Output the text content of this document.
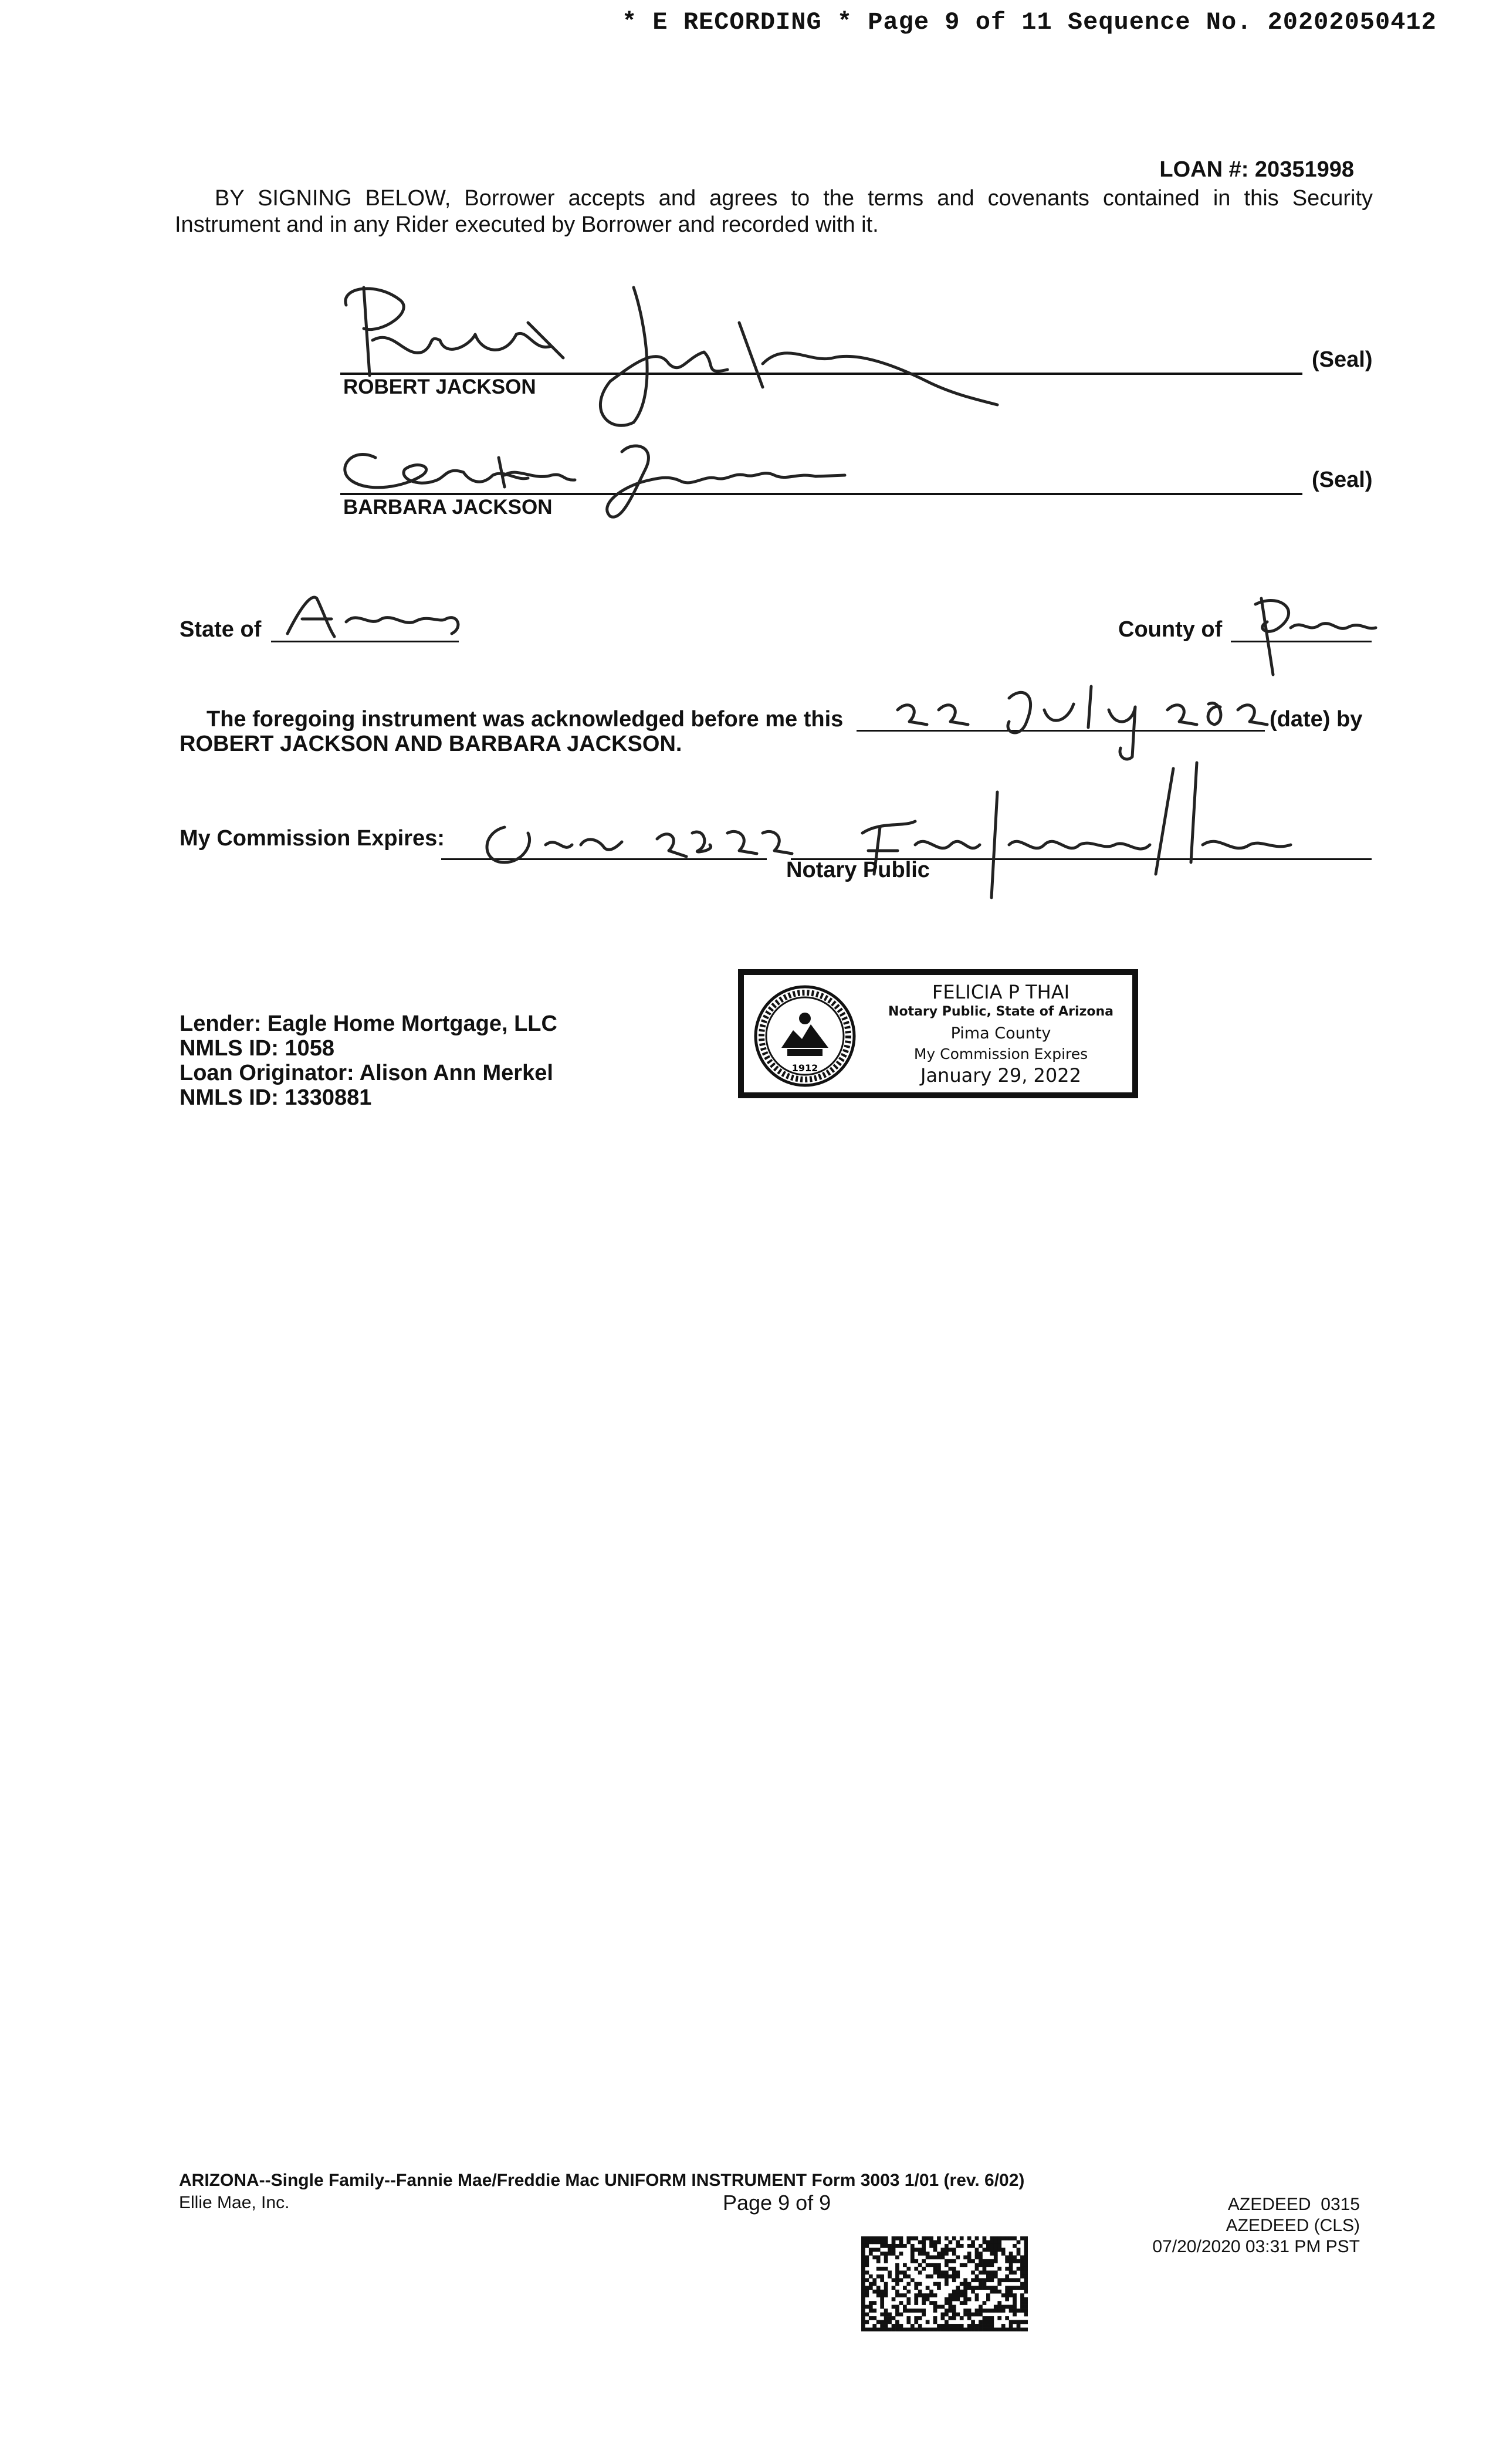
* E RECORDING * Page 9 of 11 Sequence No. 20202050412
LOAN #: 20351998
BY SIGNING BELOW, Borrower accepts and agrees to the terms and covenants contained in this Security Instrument and in any Rider executed by Borrower and recorded with it.
ROBERT JACKSON
(Seal)
BARBARA JACKSON
(Seal)
State of	County of
The foregoing instrument was acknowledged before me this	(date) by
ROBERT JACKSON AND BARBARA JACKSON.
My Commission Expires:
Notary Public
Lender: Eagle Home Mortgage, LLC
NMLS ID: 1058
Loan Originator: Alison Ann Merkel
NMLS ID: 1330881
1912
FELICIA P THAI
Notary Public, State of Arizona
Pima County
My Commission Expires
January 29, 2022
ARIZONA--Single Family--Fannie Mae/Freddie Mac UNIFORM INSTRUMENT Form 3003 1/01 (rev. 6/02)
Ellie Mae, Inc.	Page 9 of 9	AZEDEED  0315
AZEDEED (CLS)
07/20/2020 03:31 PM PST
